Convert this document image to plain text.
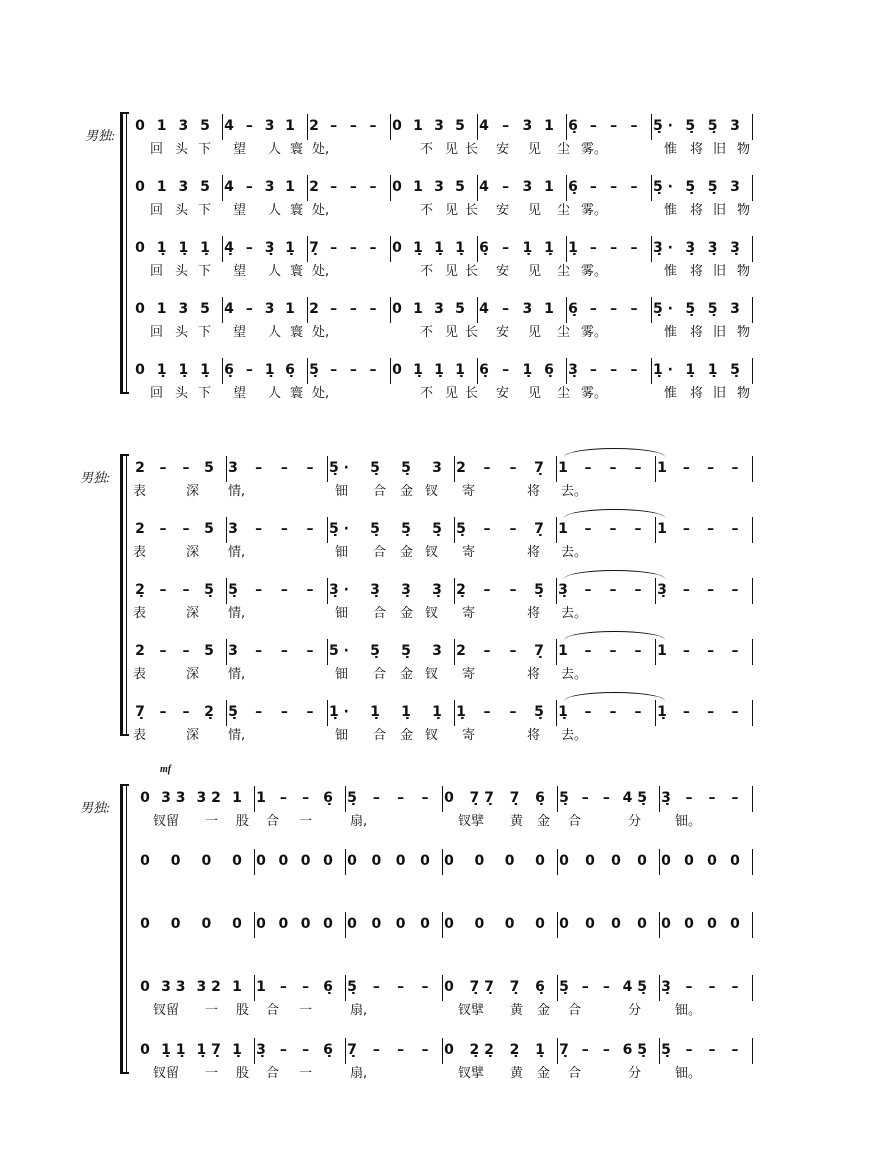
男独:
0 1 3 5 4 – 3 1 2 – – – 0 1 3 5 4 – 3 1 6̣ – – – 5̣ · 5̣ 5̣ 3
回 头 下 望 人 寰 处,	不 见 长 安 见 尘 雾。	惟 将 旧 物
0 1 3 5 4 – 3 1 2 – – – 0 1 3 5 4 – 3 1 6̣ – – – 5̣ · 5̣ 5̣ 3
回 头 下 望 人 寰 处,	不 见 长 安 见 尘 雾。	惟 将 旧 物
0 1̣ 1̣ 1̣ 4̣ – 3̣ 1̣ 7̣ – – – 0 1̣ 1̣ 1̣ 6̣ – 1̣ 1̣ 1̣ – – – 3̣ · 3̣ 3̣ 3̣
回 头 下 望 人 寰 处,	不 见 长 安 见 尘 雾。	惟 将 旧 物
0 1 3 5 4 – 3 1 2 – – – 0 1 3 5 4 – 3 1 6̣ – – – 5̣ · 5̣ 5̣ 3
回 头 下 望 人 寰 处,	不 见 长 安 见 尘 雾。	惟 将 旧 物
0 1̣ 1̣ 1̣ 6̣ – 1̣ 6̣ 5̣ – – – 0 1̣ 1̣ 1̣ 6̣ – 1̣ 6̣ 3̣ – – – 1̣ · 1̣ 1̣ 5̣
回 头 下 望 人 寰 处,	不 见 长 安 见 尘 雾。	惟 将 旧 物
男独:
2 – – 5 3 – – – 5̣ · 5̣ 5̣ 3 2 – – 7̣ 1 – – – 1 – – –
表	深 情,	钿 合 金 钗 寄	将 去。
2 – – 5 3 – – – 5̣ · 5̣ 5̣ 5̣ 5̣ – – 7̣ 1 – – – 1 – – –
表	深 情,	钿 合 金 钗 寄	将 去。
2̣ – – 5̣ 5̣ – – – 3̣ · 3̣ 3̣ 3̣ 2̣ – – 5̣ 3̣ – – – 3̣ – – –
表	深 情,	钿 合 金 钗 寄	将 去。
2 – – 5 3 – – – 5 · 5̣ 5̣ 3 2 – – 7̣ 1 – – – 1 – – –
表	深 情,	钿 合 金 钗 寄	将 去。
7̣ – – 2̣ 5̣ – – – 1̣ · 1̣ 1̣ 1̣ 1̣ – – 5̣ 1̣ – – – 1̣ – – –
表	深 情,	钿 合 金 钗 寄	将 去。
男独:
mf
0 3 3 3 2 1 1 – – 6̣ 5̣ – – – 0 7̣ 7̣ 7̣ 6̣ 5̣ – – 4 5̣ 3̣ – – –
钗留 一 股 合 一	扇,	钗擘 黄 金 合	分	钿。
0 0 0 0 0 0 0 0 0 0 0 0 0 0 0 0 0 0 0 0 0 0 0 0
0 0 0 0 0 0 0 0 0 0 0 0 0 0 0 0 0 0 0 0 0 0 0 0
0 3 3 3 2 1 1 – – 6̣ 5̣ – – – 0 7̣ 7̣ 7̣ 6̣ 5̣ – – 4 5̣ 3̣ – – –
钗留 一 股 合 一	扇,	钗擘 黄 金 合	分	钿。
0 1̣ 1̣ 1̣ 7̣ 1̣ 3̣ – – 6̣ 7̣ – – – 0 2̣ 2̣ 2̣ 1̣ 7̣ – – 6 5̣ 5̣ – – –
钗留 一 股 合 一	扇,	钗擘 黄 金 合	分	钿。
